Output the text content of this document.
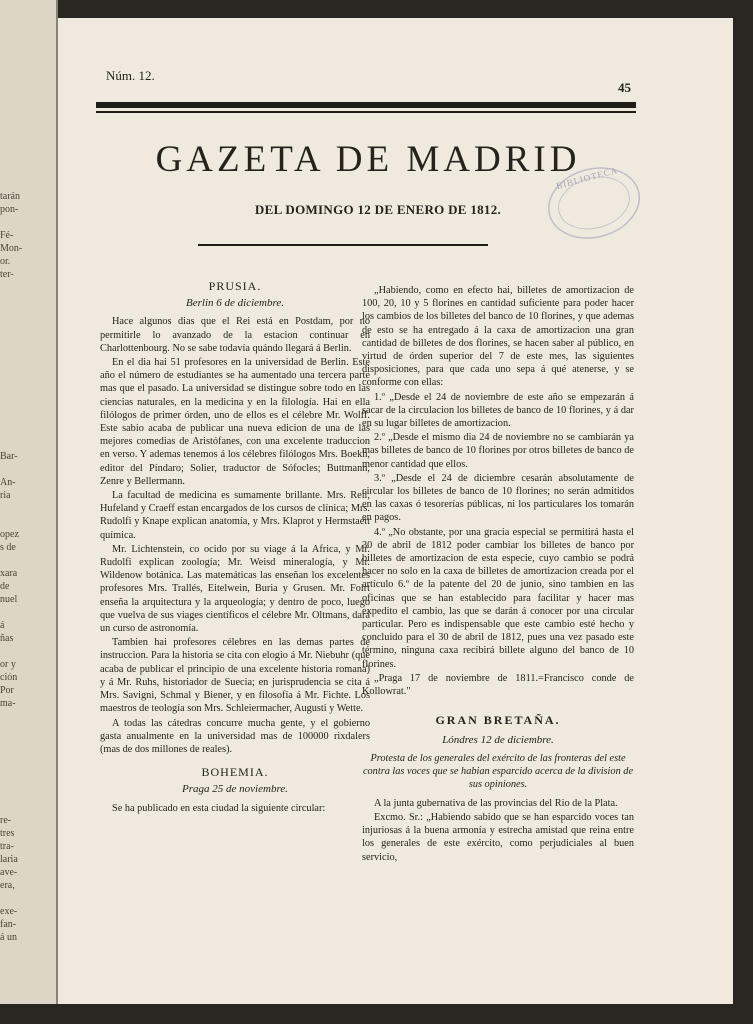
tarán
pon-
Fé-
Mon-
or.
ter-
Bar-
An-
ria
opez
s de
xara
de
nuel
á
ñas
or y
ción
Por
ma-
re-
tres
tra-
laria
ave-
era,
exe-
fan-
á un
Núm. 12.
45
GAZETA DE MADRID
DEL DOMINGO 12 DE ENERO DE 1812.
BIBLIOTECA
PRUSIA.
Berlin 6 de diciembre.

Hace algunos dias que el Rei está en Postdam, por no permitirle lo avanzado de la estacion continuar en Charlottenbourg. No se sabe todavía quándo llegará á Berlin.

En el dia hai 51 profesores en la universidad de Berlin. Este año el número de estudiantes se ha aumentado una tercera parte mas que el pasado. La universidad se distingue sobre todo en las ciencias naturales, en la medicina y en la filología. Hai en ella filólogos de primer órden, uno de ellos es el célebre Mr. Wolff. Este sabio acaba de publicar una nueva edicion de una de las mejores comedias de Aristófanes, con una excelente traduccion en verso. Y ademas tenemos á los célebres filólogos Mrs. Boekh, editor del Píndaro; Solier, traductor de Sófocles; Buttmann, Zenre y Bellermann.

La facultad de medicina es sumamente brillante. Mrs. Reil, Hufeland y Craeff estan encargados de los cursos de clínica; Mrs. Rudolfi y Knape explican anatomía, y Mrs. Klaprot y Hermstaett química.

Mr. Lichtenstein, co ocido por su viage á la Africa, y Mr. Rudolfi explican zoología; Mr. Weisd mineralogía, y Mr. Wildenow botánica. Las matemáticas las enseñan los excelentes profesores Mrs. Trallés, Eitelwein, Buria y Grusen. Mr. Foirt enseña la arquitectura y la arqueología; y dentro de poco, luego que vuelva de sus viages científicos el célebre Mr. Oltmans, dará un curso de astronomía.

Tambien hai profesores célebres en las demas partes de instruccion. Para la historia se cita con elogio á Mr. Niebuhr (que acaba de publicar el principio de una excelente historia romana) y á Mr. Ruhs, historiador de Suecia; en jurisprudencia se cita á Mrs. Savigni, Schmal y Biener, y en filosofía á Mr. Fichte. Los maestros de teología son Mrs. Schleiermacher, Augusti y Wette.

A todas las cátedras concurre mucha gente, y el gobierno gasta anualmente en la universidad mas de 100000 rixdalers (mas de dos millones de reales).

BOHEMIA.
Praga 25 de noviembre.

Se ha publicado en esta ciudad la siguiente circular:

„Habiendo, como en efecto hai, billetes de amortizacion de 100, 20, 10 y 5 florines en cantidad suficiente para poder hacer los cambios de los billetes del banco de 10 florines, y que ademas de esto se ha entregado á la caxa de amortizacion una gran cantidad de billetes de dos florines, se hacen saber al público, en virtud de órden superior del 7 de este mes, las siguientes disposiciones, para que cada uno sepa á qué atenerse, y se conforme con ellas:

1.º „Desde el 24 de noviembre de este año se empezarán á sacar de la circulacion los billetes de banco de 10 florines, y á dar en su lugar billetes de amortizacion.

2.º „Desde el mismo dia 24 de noviembre no se cambiarán ya mas billetes de banco de 10 florines por otros billetes de banco de menor cantidad que ellos.

3.º „Desde el 24 de diciembre cesarán absolutamente de circular los billetes de banco de 10 florines; no serán admitidos en las caxas ó tesorerías públicas, ni los particulares los tomarán en pagos.

4.º „No obstante, por una gracia especial se permitirá hasta el 30 de abril de 1812 poder cambiar los billetes de banco por billetes de amortizacion de esta especie, cuyo cambio se podrá hacer no solo en la caxa de billetes de amortizacion creada por el artículo 6.º de la patente del 20 de junio, sino tambien en las oficinas que se han establecido para facilitar y hacer mas expedito el cambio, las que se darán á conocer por una circular particular. Pero es indispensable que este cambio esté hecho y concluido para el 30 de abril de 1812, pues una vez pasado este término, ninguna caxa recibirá billete alguno del banco de 10 florines.

„Praga 17 de noviembre de 1811.=Francisco conde de Kollowrat."

GRAN BRETAÑA.
Lóndres 12 de diciembre.
Protesta de los generales del exército de las fronteras del este contra las voces que se habian esparcido acerca de la division de sus opiniones.

A la junta gubernativa de las provincias del Rio de la Plata.

Excmo. Sr.: „Habiendo sabido que se han esparcido voces tan injuriosas á la buena armonía y estrecha amistad que reina entre los generales de este exército, como perjudiciales al buen servicio,
